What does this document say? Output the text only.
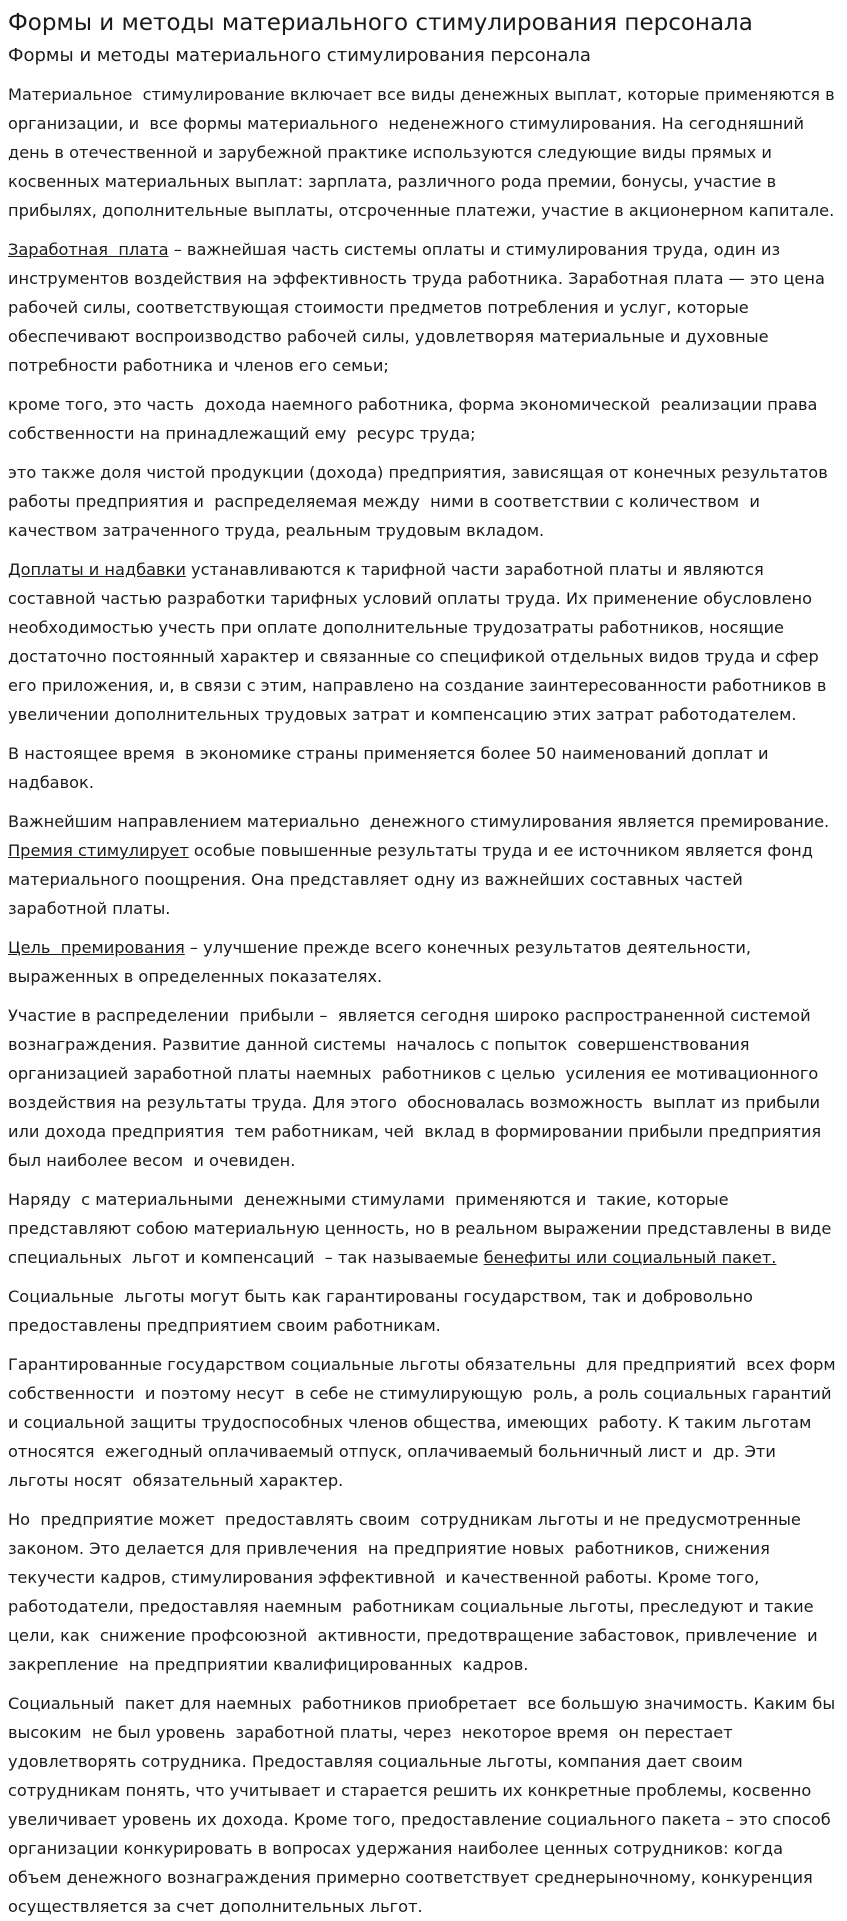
Формы и методы материального стимулирования персонала
Формы и методы материального стимулирования персонала

Материальное  стимулирование включает все виды денежных выплат, которые применяются в организации, и  все формы материального  неденежного стимулирования. На сегодняшний день в отечественной и зарубежной практике используются следующие виды прямых и косвенных материальных выплат: зарплата, различного рода премии, бонусы, участие в прибылях, дополнительные выплаты, отсроченные платежи, участие в акционерном капитале.

Заработная  плата – важнейшая часть системы оплаты и стимулирования труда, один из инструментов воздействия на эффективность труда работника. Заработная плата — это цена рабочей силы, соответствующая стоимости предметов потребления и услуг, которые обеспечивают воспроизводство рабочей силы, удовлетворяя материальные и духовные потребности работника и членов его семьи;

кроме того, это часть  дохода наемного работника, форма экономической  реализации права собственности на принадлежащий ему  ресурс труда;

это также доля чистой продукции (дохода) предприятия, зависящая от конечных результатов работы предприятия и  распределяемая между  ними в соответствии с количеством  и качеством затраченного труда, реальным трудовым вкладом.

Доплаты и надбавки устанавливаются к тарифной части заработной платы и являются составной частью разработки тарифных условий оплаты труда. Их применение обусловлено необходимостью учесть при оплате дополнительные трудозатраты работников, носящие достаточно постоянный характер и связанные со спецификой отдельных видов труда и сфер его приложения, и, в связи с этим, направлено на создание заинтересованности работников в увеличении дополнительных трудовых затрат и компенсацию этих затрат работодателем.

В настоящее время  в экономике страны применяется более 50 наименований доплат и надбавок.

Важнейшим направлением материально  денежного стимулирования является премирование. Премия стимулирует особые повышенные результаты труда и ее источником является фонд материального поощрения. Она представляет одну из важнейших составных частей заработной платы.

Цель  премирования – улучшение прежде всего конечных результатов деятельности, выраженных в определенных показателях.

Участие в распределении  прибыли –  является сегодня широко распространенной системой вознаграждения. Развитие данной системы  началось с попыток  совершенствования организацией заработной платы наемных  работников с целью  усиления ее мотивационного воздействия на результаты труда. Для этого  обосновалась возможность  выплат из прибыли или дохода предприятия  тем работникам, чей  вклад в формировании прибыли предприятия был наиболее весом  и очевиден.

Наряду  с материальными  денежными стимулами  применяются и  такие, которые представляют собою материальную ценность, но в реальном выражении представлены в виде специальных  льгот и компенсаций  – так называемые бенефиты или социальный пакет.

Социальные  льготы могут быть как гарантированы государством, так и добровольно предоставлены предприятием своим работникам.

Гарантированные государством социальные льготы обязательны  для предприятий  всех форм собственности  и поэтому несут  в себе не стимулирующую  роль, а роль социальных гарантий и социальной защиты трудоспособных членов общества, имеющих  работу. К таким льготам относятся  ежегодный оплачиваемый отпуск, оплачиваемый больничный лист и  др. Эти льготы носят  обязательный характер.

Но  предприятие может  предоставлять своим  сотрудникам льготы и не предусмотренные законом. Это делается для привлечения  на предприятие новых  работников, снижения текучести кадров, стимулирования эффективной  и качественной работы. Кроме того, работодатели, предоставляя наемным  работникам социальные льготы, преследуют и такие цели, как  снижение профсоюзной  активности, предотвращение забастовок, привлечение  и закрепление  на предприятии квалифицированных  кадров.

Социальный  пакет для наемных  работников приобретает  все большую значимость. Каким бы высоким  не был уровень  заработной платы, через  некоторое время  он перестает удовлетворять сотрудника. Предоставляя социальные льготы, компания дает своим сотрудникам понять, что учитывает и старается решить их конкретные проблемы, косвенно увеличивает уровень их дохода. Кроме того, предоставление социального пакета – это способ организации конкурировать в вопросах удержания наиболее ценных сотрудников: когда объем денежного вознаграждения примерно соответствует среднерыночному, конкуренция осуществляется за счет дополнительных льгот.
